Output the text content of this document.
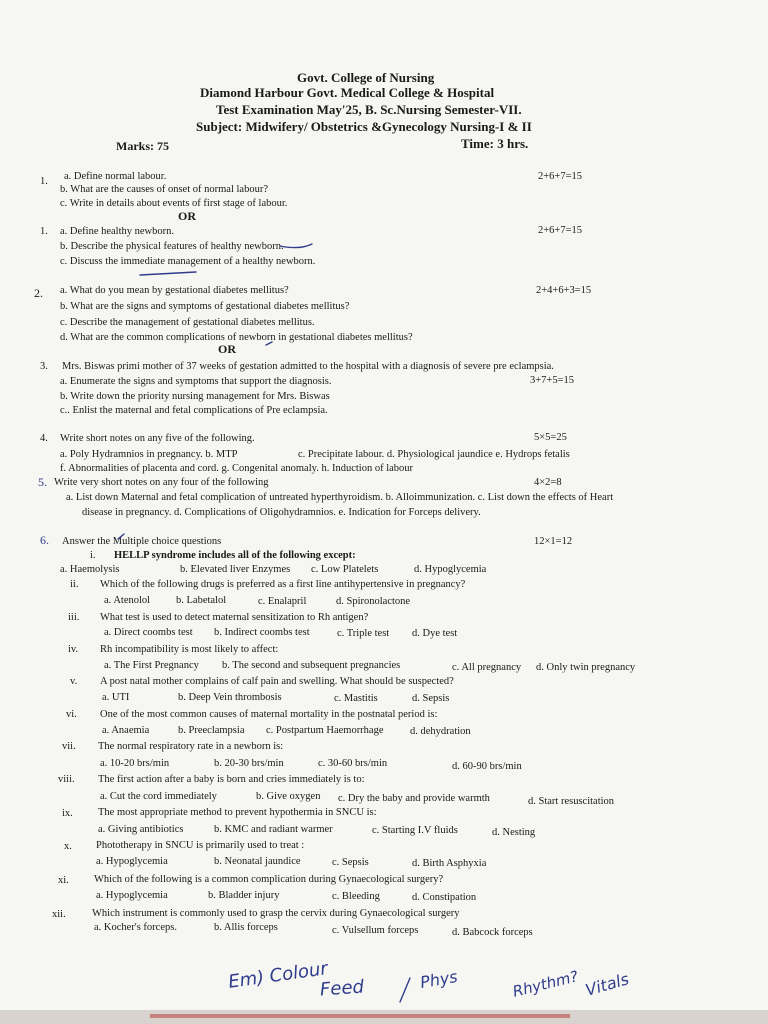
Govt. College of Nursing
Diamond Harbour Govt. Medical College & Hospital
Test Examination May'25, B. Sc.Nursing Semester-VII.
Subject: Midwifery/ Obstetrics &Gynecology Nursing-I & II
Marks: 75	Time: 3 hrs.
1. a. Define normal labour.	2+6+7=15
b. What are the causes of onset of normal labour?
c. Write in details about events of first stage of labour.
OR
1. a. Define healthy newborn.	2+6+7=15
b. Describe the physical features of healthy newborn.
c. Discuss the immediate management of a healthy newborn.
2. a. What do you mean by gestational diabetes mellitus?	2+4+6+3=15
b. What are the signs and symptoms of gestational diabetes mellitus?
c. Describe the management of gestational diabetes mellitus.
d. What are the common complications of newborn in gestational diabetes mellitus?
OR
3. Mrs. Biswas primi mother of 37 weeks of gestation admitted to the hospital with a diagnosis of severe pre eclampsia.
a. Enumerate the signs and symptoms that support the diagnosis.	3+7+5=15
b. Write down the priority nursing management for Mrs. Biswas
c.. Enlist the maternal and fetal complications of Pre eclampsia.
4. Write short notes on any five of the following.	5×5=25
a. Poly Hydramnios in pregnancy. b. MTP	c. Precipitate labour. d. Physiological jaundice e. Hydrops fetalis
f. Abnormalities of placenta and cord. g. Congenital anomaly. h. Induction of labour
5. Write very short notes on any four of the following	4×2=8
a. List down Maternal and fetal complication of untreated hyperthyroidism. b. Alloimmunization. c. List down the effects of Heart
disease in pregnancy. d. Complications of Oligohydramnios. e. Indication for Forceps delivery.
6. Answer the Multiple choice questions	12×1=12
i. HELLP syndrome includes all of the following except:
a. Haemolysis	b. Elevated liver Enzymes c. Low Platelets	d. Hypoglycemia
ii. Which of the following drugs is preferred as a first line antihypertensive in pregnancy?
a. Atenolol b. Labetalol	c. Enalapril	d. Spironolactone
iii. What test is used to detect maternal sensitization to Rh antigen?
a. Direct coombs test b. Indirect coombs test	c. Triple test d. Dye test
iv. Rh incompatibility is most likely to affect:
a. The First Pregnancy b. The second and subsequent pregnancies	c. All pregnancy d. Only twin pregnancy
v. A post natal mother complains of calf pain and swelling. What should be suspected?
a. UTI	b. Deep Vein thrombosis	c. Mastitis	d. Sepsis
vi. One of the most common causes of maternal mortality in the postnatal period is:
a. Anaemia	b. Preeclampsia c. Postpartum Haemorrhage	d. dehydration
vii. The normal respiratory rate in a newborn is:
a. 10-20 brs/min	b. 20-30 brs/min	c. 30-60 brs/min	d. 60-90 brs/min
viii. The first action after a baby is born and cries immediately is to:
a. Cut the cord immediately	b. Give oxygen c. Dry the baby and provide warmth	d. Start resuscitation
ix. The most appropriate method to prevent hypothermia in SNCU is:
a. Giving antibiotics	b. KMC and radiant warmer	c. Starting I.V fluids	d. Nesting
x. Phototherapy in SNCU is primarily used to treat :
a. Hypoglycemia	b. Neonatal jaundice	c. Sepsis	d. Birth Asphyxia
xi. Which of the following is a common complication during Gynaecological surgery?
a. Hypoglycemia	b. Bladder injury	c. Bleeding	d. Constipation
xii.	Which instrument is commonly used to grasp the cervix during Gynaecological surgery
a. Kocher's forceps.	b. Allis forceps	c. Vulsellum forceps	d. Babcock forceps
Em) Colour
Feed	Phys	Rhythm? Vitals
